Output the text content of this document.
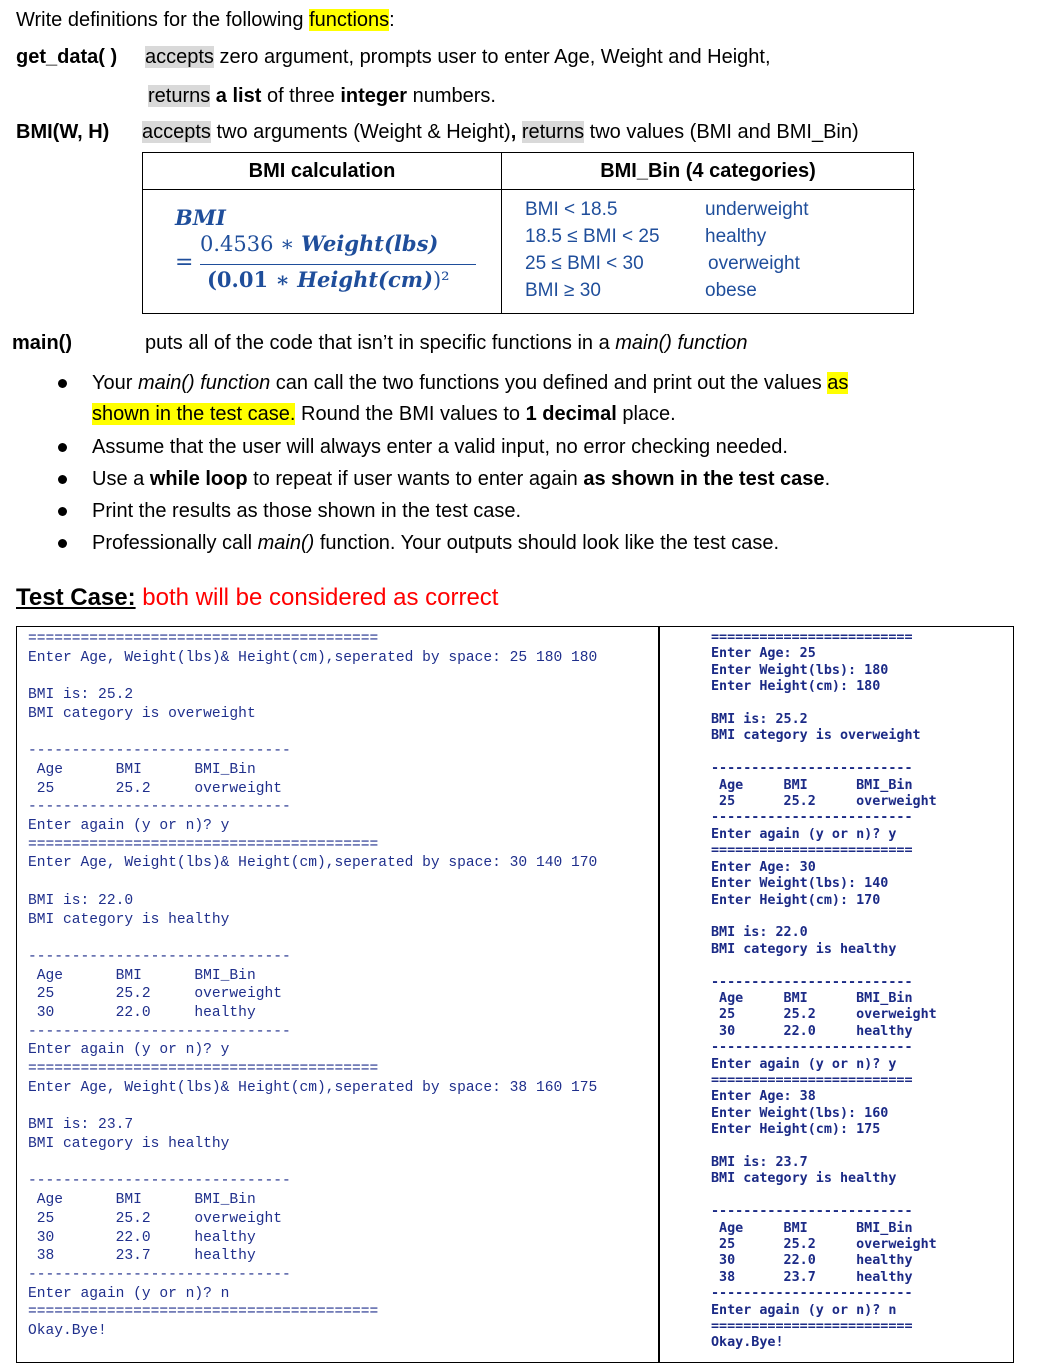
Write definitions for the following functions:
get_data( ) accepts zero argument, prompts user to enter Age, Weight and Height,
returns a list of three integer numbers.
BMI(W, H) accepts two arguments (Weight & Height), returns two values (BMI and BMI_Bin)
BMI calculation	BMI_Bin (4 categories)
BMI
=
0.4536 ∗ Weight(lbs)
(0.01 ∗ Height(cm))²
BMI < 18.5
18.5 ≤ BMI < 25
25 ≤ BMI < 30
BMI ≥ 30
underweight
healthy
overweight
obese
main()	puts all of the code that isn’t in specific functions in a main() function
Your main() function can call the two functions you defined and print out the values as
shown in the test case. Round the BMI values to 1 decimal place.
Assume that the user will always enter a valid input, no error checking needed.
Use a while loop to repeat if user wants to enter again as shown in the test case.
Print the results as those shown in the test case.
Professionally call main() function. Your outputs should look like the test case.
Test Case: both will be considered as correct
========================================
Enter Age, Weight(lbs)& Height(cm),seperated by space: 25 180 180

BMI is: 25.2
BMI category is overweight

------------------------------
Age      BMI      BMI_Bin
25       25.2     overweight
------------------------------
Enter again (y or n)? y
========================================
Enter Age, Weight(lbs)& Height(cm),seperated by space: 30 140 170

BMI is: 22.0
BMI category is healthy

------------------------------
Age      BMI      BMI_Bin
25       25.2     overweight
30       22.0     healthy
------------------------------
Enter again (y or n)? y
========================================
Enter Age, Weight(lbs)& Height(cm),seperated by space: 38 160 175

BMI is: 23.7
BMI category is healthy

------------------------------
Age      BMI      BMI_Bin
25       25.2     overweight
30       22.0     healthy
38       23.7     healthy
------------------------------
Enter again (y or n)? n
========================================
Okay.Bye!
=========================
Enter Age: 25
Enter Weight(lbs): 180
Enter Height(cm): 180

BMI is: 25.2
BMI category is overweight

-------------------------
Age     BMI      BMI_Bin
25      25.2     overweight
-------------------------
Enter again (y or n)? y
=========================
Enter Age: 30
Enter Weight(lbs): 140
Enter Height(cm): 170

BMI is: 22.0
BMI category is healthy

-------------------------
Age     BMI      BMI_Bin
25      25.2     overweight
30      22.0     healthy
-------------------------
Enter again (y or n)? y
=========================
Enter Age: 38
Enter Weight(lbs): 160
Enter Height(cm): 175

BMI is: 23.7
BMI category is healthy

-------------------------
Age     BMI      BMI_Bin
25      25.2     overweight
30      22.0     healthy
38      23.7     healthy
-------------------------
Enter again (y or n)? n
=========================
Okay.Bye!
